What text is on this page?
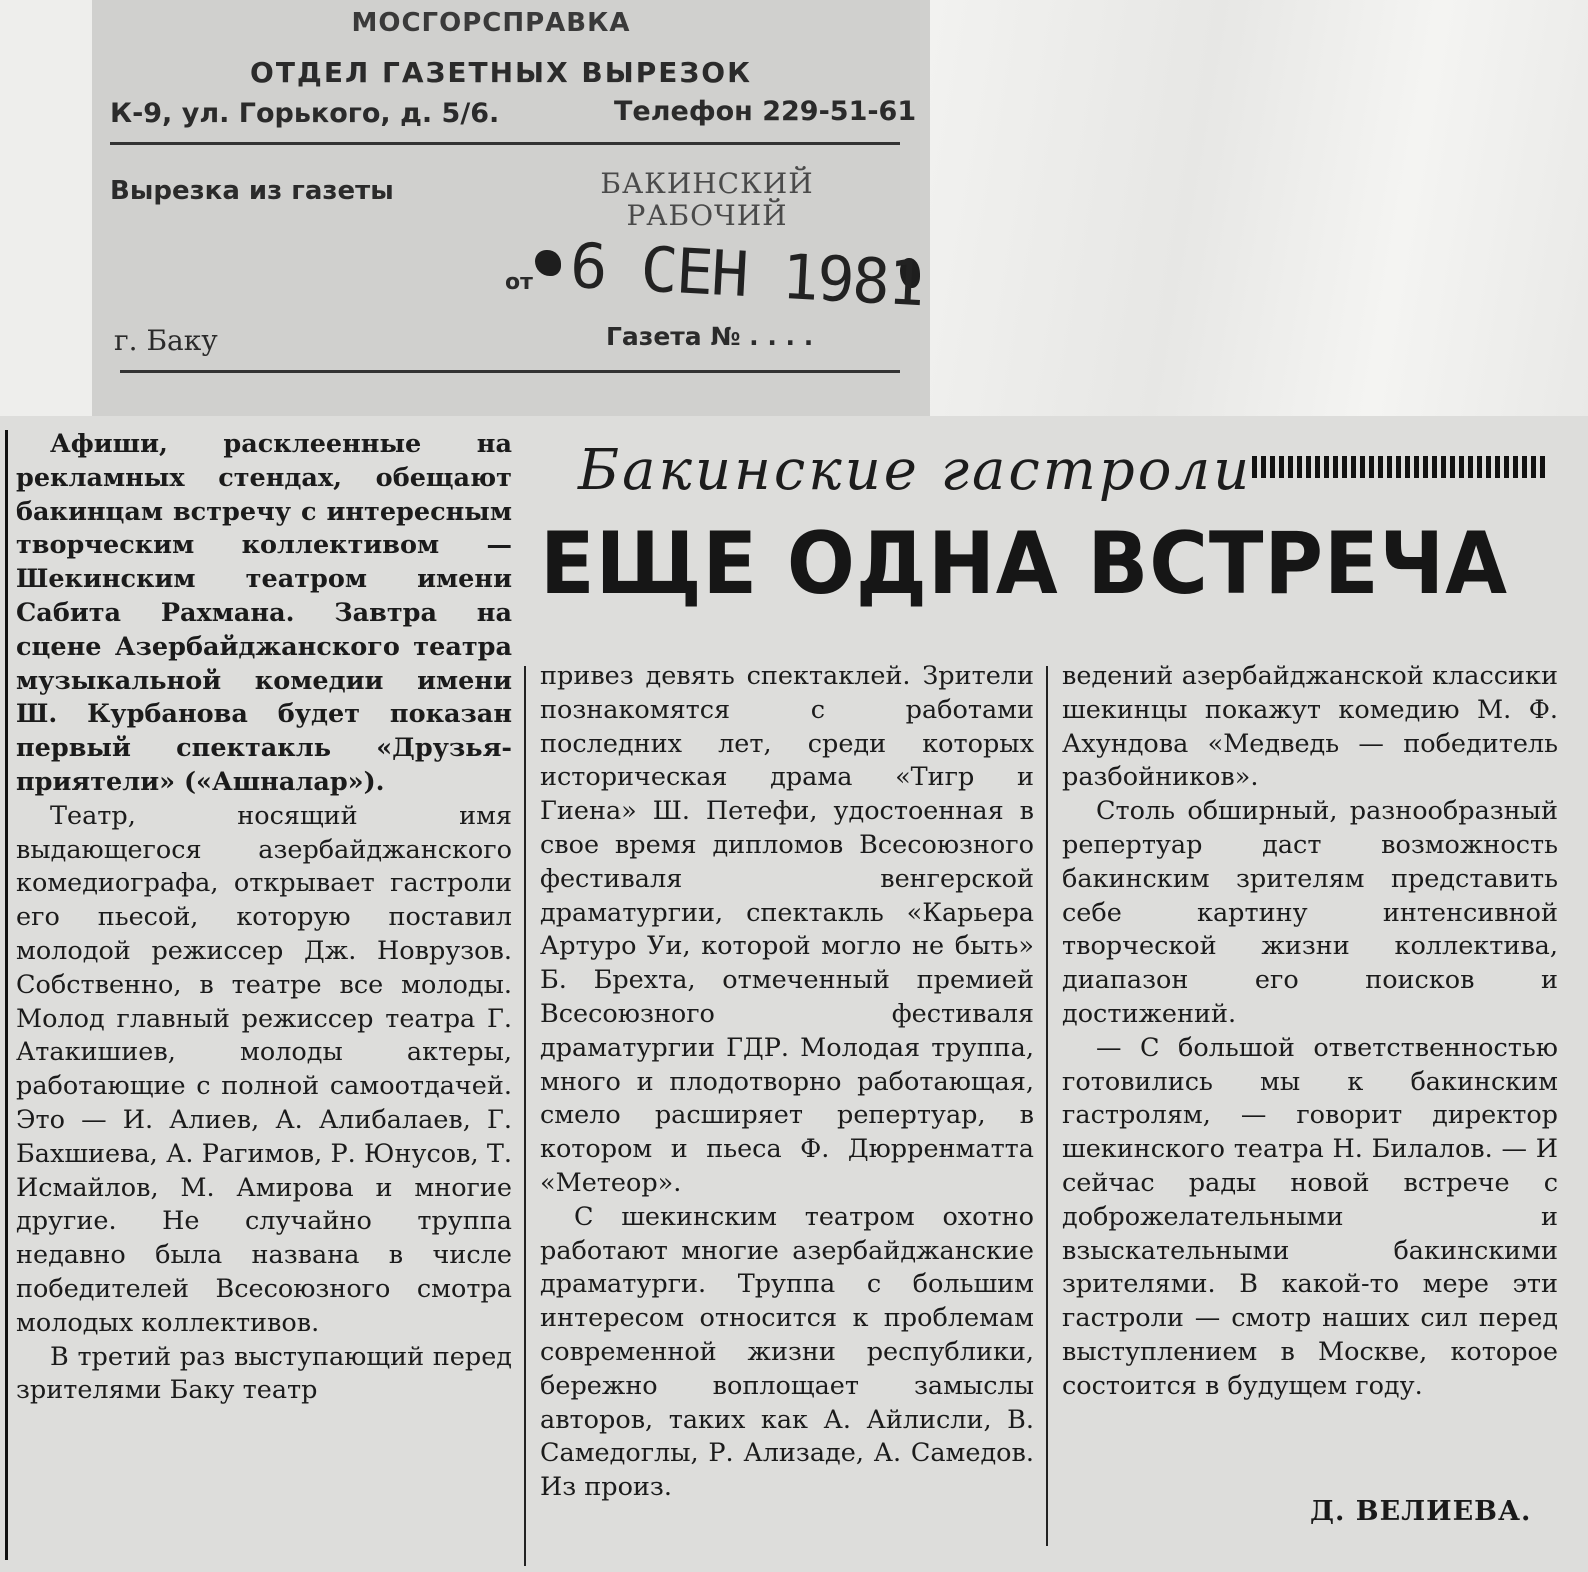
МОСГОРСПРАВКА
ОТДЕЛ ГАЗЕТНЫХ ВЫРЕЗОК
К-9, ул. Горького, д. 5/6.	Телефон 229-51-61
Вырезка из газеты	БАКИНСКИЙ
РАБОЧИЙ
от 6 СЕН 1981
г. Баку	Газета № . . . .

Афиши, расклеенные на рекламных стендах, обещают бакинцам встречу с интересным творческим коллективом — Шекинским театром имени Сабита Рахмана. Завтра на сцене Азербайджанского театра музыкальной комедии имени Ш. Курбанова будет показан первый спектакль «Друзья-приятели» («Ашналар»).

Театр, носящий имя выдающегося азербайджанского комедиографа, открывает гастроли его пьесой, которую поставил молодой режиссер Дж. Новрузов. Собственно, в театре все молоды. Молод главный режиссер театра Г. Атакишиев, молоды актеры, работающие с полной самоотдачей. Это — И. Алиев, А. Алибалаев, Г. Бахшиева, А. Рагимов, Р. Юнусов, Т. Исмайлов, М. Амирова и многие другие. Не случайно труппа недавно была названа в числе победителей Всесоюзного смотра молодых коллективов.

В третий раз выступающий перед зрителями Баку театр

Бакинские гастроли
ЕЩЕ ОДНА ВСТРЕЧА

привез девять спектаклей. Зрители познакомятся с работами последних лет, среди которых историческая драма «Тигр и Гиена» Ш. Петефи, удостоенная в свое время дипломов Всесоюзного фестиваля венгерской драматургии, спектакль «Карьера Артуро Уи, которой могло не быть» Б. Брехта, отмеченный премией Всесоюзного фестиваля драматургии ГДР. Молодая труппа, много и плодотворно работающая, смело расширяет репертуар, в котором и пьеса Ф. Дюрренматта «Метеор».

С шекинским театром охотно работают многие азербайджанские драматурги. Труппа с большим интересом относится к проблемам современной жизни республики, бережно воплощает замыслы авторов, таких как А. Айлисли, В. Самедоглы, Р. Ализаде, А. Самедов. Из произ.

ведений азербайджанской классики шекинцы покажут комедию М. Ф. Ахундова «Медведь — победитель разбойников».

Столь обширный, разнообразный репертуар даст возможность бакинским зрителям представить себе картину интенсивной творческой жизни коллектива, диапазон его поисков и достижений.

— С большой ответственностью готовились мы к бакинским гастролям, — говорит директор шекинского театра Н. Билалов. — И сейчас рады новой встрече с доброжелательными и взыскательными бакинскими зрителями. В какой-то мере эти гастроли — смотр наших сил перед выступлением в Москве, которое состоится в будущем году.

Д. ВЕЛИЕВА.
